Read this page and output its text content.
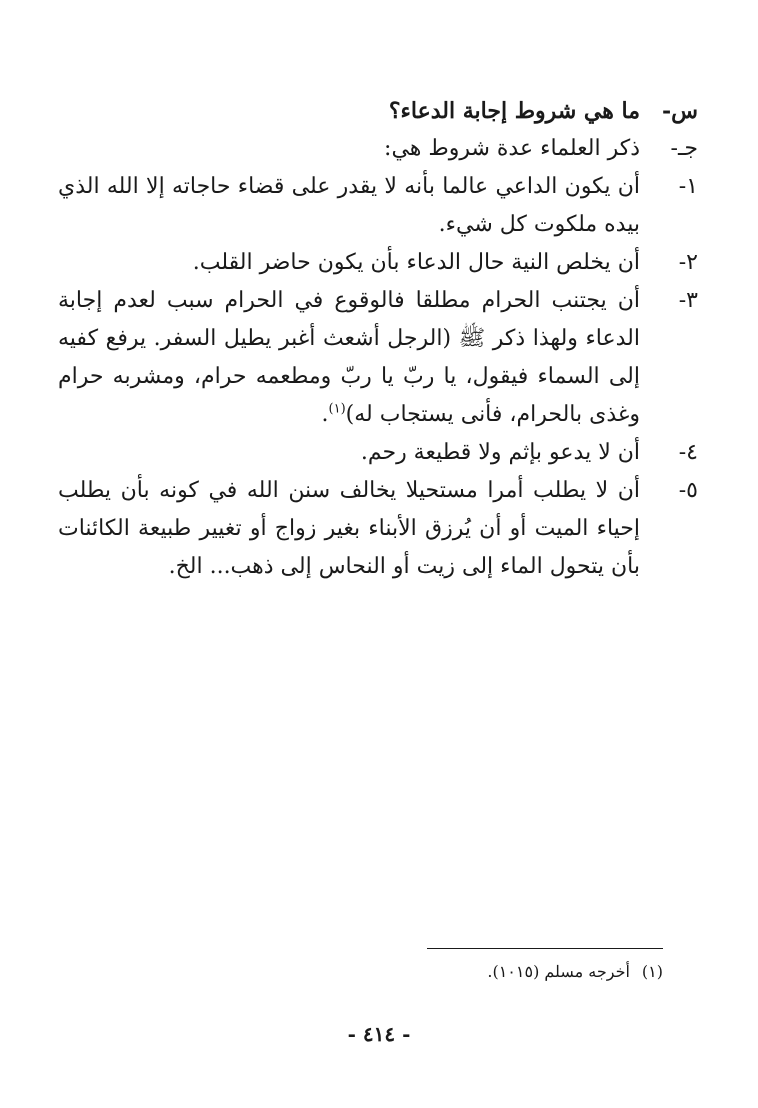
س-ما هي شروط إجابة الدعاء؟

جـ-ذكر العلماء عدة شروط هي:

١-
أن يكون الداعي عالما بأنه لا يقدر على قضاء حاجاته إلا الله الذي بيده ملكوت كل شيء.
٢-
أن يخلص النية حال الدعاء بأن يكون حاضر القلب.
٣-
أن يجتنب الحرام مطلقا فالوقوع في الحرام سبب لعدم إجابة الدعاء ولهذا ذكر ﷺ (الرجل أشعث أغبر يطيل السفر. يرفع كفيه إلى السماء فيقول، يا ربّ يا ربّ ومطعمه حرام، ومشربه حرام وغذى بالحرام، فأنى يستجاب له)$^{(١)}$.
٤-
أن لا يدعو بإثم ولا قطيعة رحم.
٥-
أن لا يطلب أمرا مستحيلا يخالف سنن الله في كونه بأن يطلب إحياء الميت أو أن يُرزق الأبناء بغير زواج أو تغيير طبيعة الكائنات بأن يتحول الماء إلى زيت أو النحاس إلى ذهب... الخ.
(١)أخرجه مسلم (١٠١٥).
- ٤١٤ -
